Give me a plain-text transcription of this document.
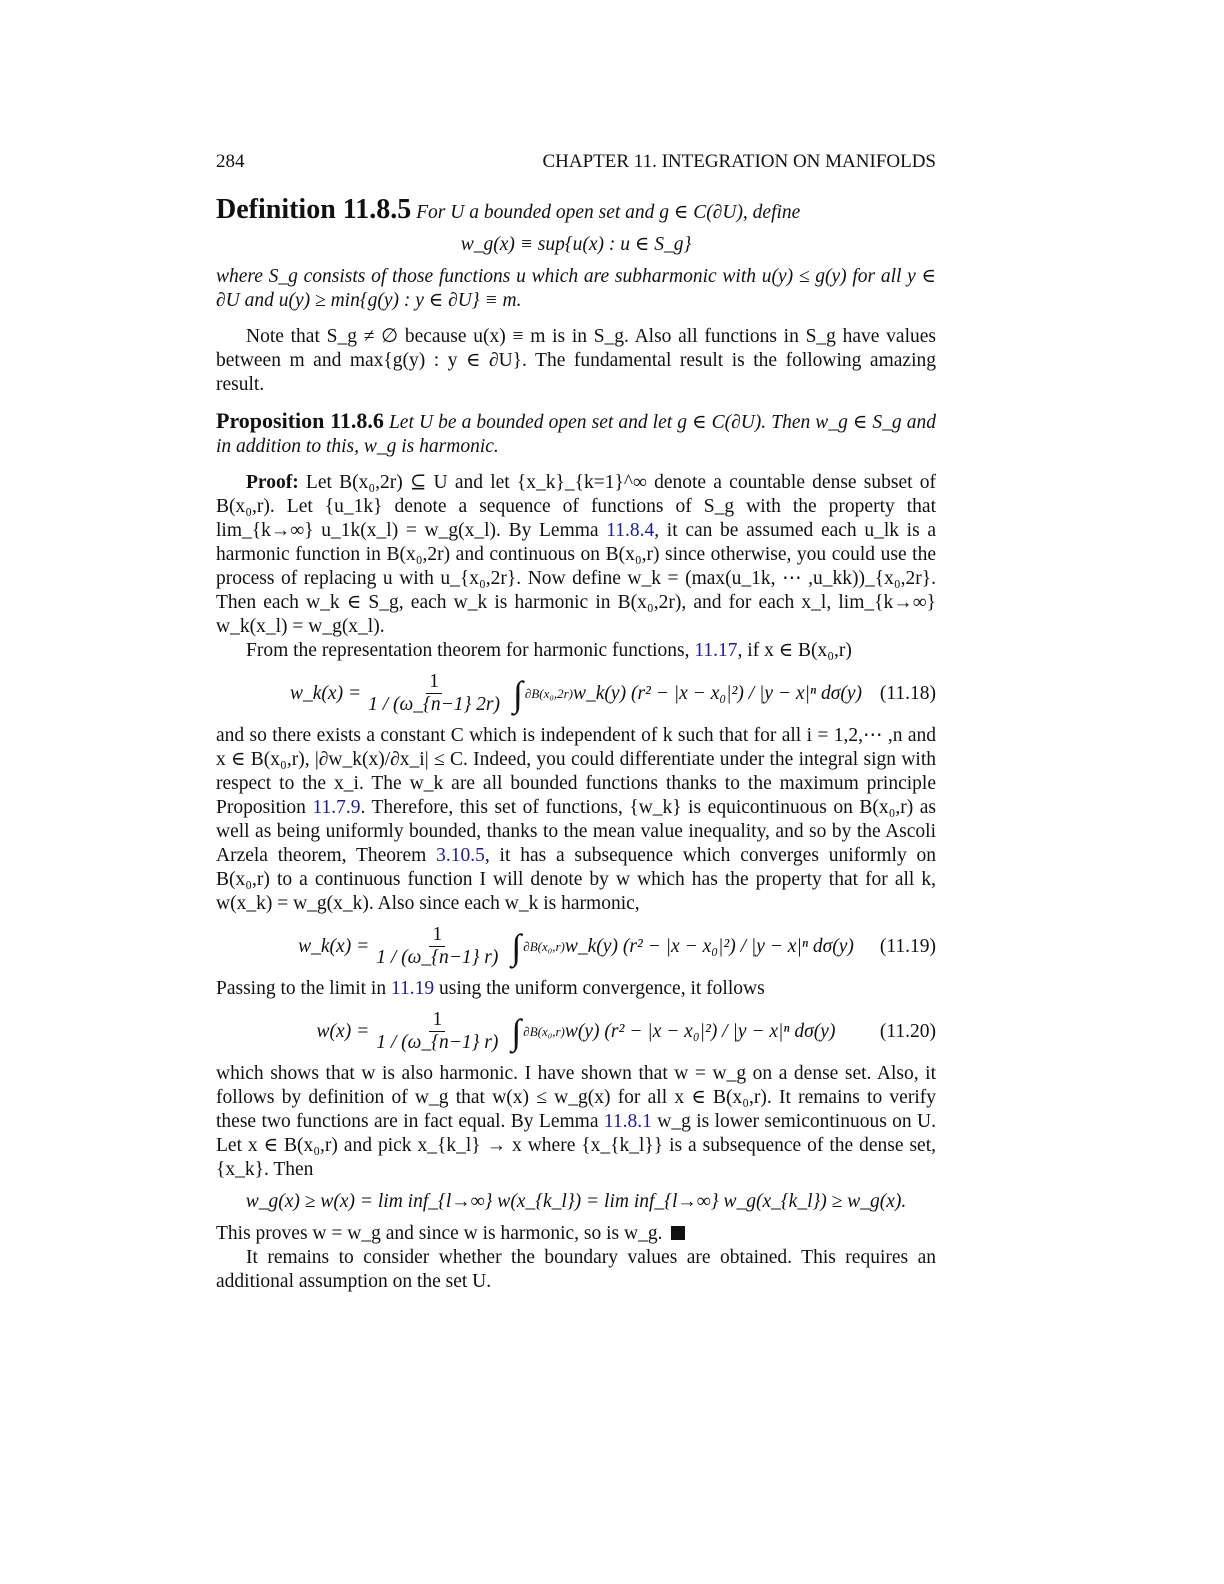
284	CHAPTER 11. INTEGRATION ON MANIFOLDS

Definition 11.8.5 For U a bounded open set and g ∈ C(∂U), define

w_g(x) ≡ sup{u(x) : u ∈ S_g}

where S_g consists of those functions u which are subharmonic with u(y) ≤ g(y) for all y ∈ ∂U and u(y) ≥ min{g(y) : y ∈ ∂U} ≡ m.

Note that S_g ≠ ∅ because u(x) ≡ m is in S_g. Also all functions in S_g have values between m and max{g(y) : y ∈ ∂U}. The fundamental result is the following amazing result.

Proposition 11.8.6 Let U be a bounded open set and let g ∈ C(∂U). Then w_g ∈ S_g and in addition to this, w_g is harmonic.

Proof: Let B(x₀,2r) ⊆ U and let {x_k}_{k=1}^∞ denote a countable dense subset of B(x₀,r). Let {u_1k} denote a sequence of functions of S_g with the property that lim_{k→∞} u_1k(x_l) = w_g(x_l). By Lemma 11.8.4, it can be assumed each u_lk is a harmonic function in B(x₀,2r) and continuous on B(x₀,r) since otherwise, you could use the process of replacing u with u_{x₀,2r}. Now define w_k = (max(u_1k, ⋯ ,u_kk))_{x₀,2r}. Then each w_k ∈ S_g, each w_k is harmonic in B(x₀,2r), and for each x_l, lim_{k→∞} w_k(x_l) = w_g(x_l).

From the representation theorem for harmonic functions, 11.17, if x ∈ B(x₀,r)

w_k(x) = $\frac{1}{1 / (\omega\_\{n-1\} 2r)}$ ∫ ∂B(x₀,2r) w_k(y) (r² − |x − x₀|²) / |y − x|ⁿ dσ(y) (11.18)

and so there exists a constant C which is independent of k such that for all i = 1,2,⋯ ,n and x ∈ B(x₀,r), |∂w_k(x)/∂x_i| ≤ C. Indeed, you could differentiate under the integral sign with respect to the x_i. The w_k are all bounded functions thanks to the maximum principle Proposition 11.7.9. Therefore, this set of functions, {w_k} is equicontinuous on B(x₀,r) as well as being uniformly bounded, thanks to the mean value inequality, and so by the Ascoli Arzela theorem, Theorem 3.10.5, it has a subsequence which converges uniformly on B(x₀,r) to a continuous function I will denote by w which has the property that for all k, w(x_k) = w_g(x_k). Also since each w_k is harmonic,

w_k(x) = $\frac{1}{1 / (\omega\_\{n-1\} r)}$ ∫ ∂B(x₀,r) w_k(y) (r² − |x − x₀|²) / |y − x|ⁿ dσ(y) (11.19)

Passing to the limit in 11.19 using the uniform convergence, it follows

$w(x) = \frac{1}{1 / (\omega\_\{n-1\} r)}$ ∫ ∂B(x₀,r) w(y) (r² − |x − x₀|²) / |y − x|ⁿ dσ(y) (11.20)

which shows that w is also harmonic. I have shown that w = w_g on a dense set. Also, it follows by definition of w_g that w(x) ≤ w_g(x) for all x ∈ B(x₀,r). It remains to verify these two functions are in fact equal. By Lemma 11.8.1 w_g is lower semicontinuous on U. Let x ∈ B(x₀,r) and pick x_{k_l} → x where {x_{k_l}} is a subsequence of the dense set, {x_k}. Then

w_g(x) ≥ w(x) = lim inf_{l→∞} w(x_{k_l}) = lim inf_{l→∞} w_g(x_{k_l}) ≥ w_g(x).

This proves w = w_g and since w is harmonic, so is w_g.

It remains to consider whether the boundary values are obtained. This requires an additional assumption on the set U.
